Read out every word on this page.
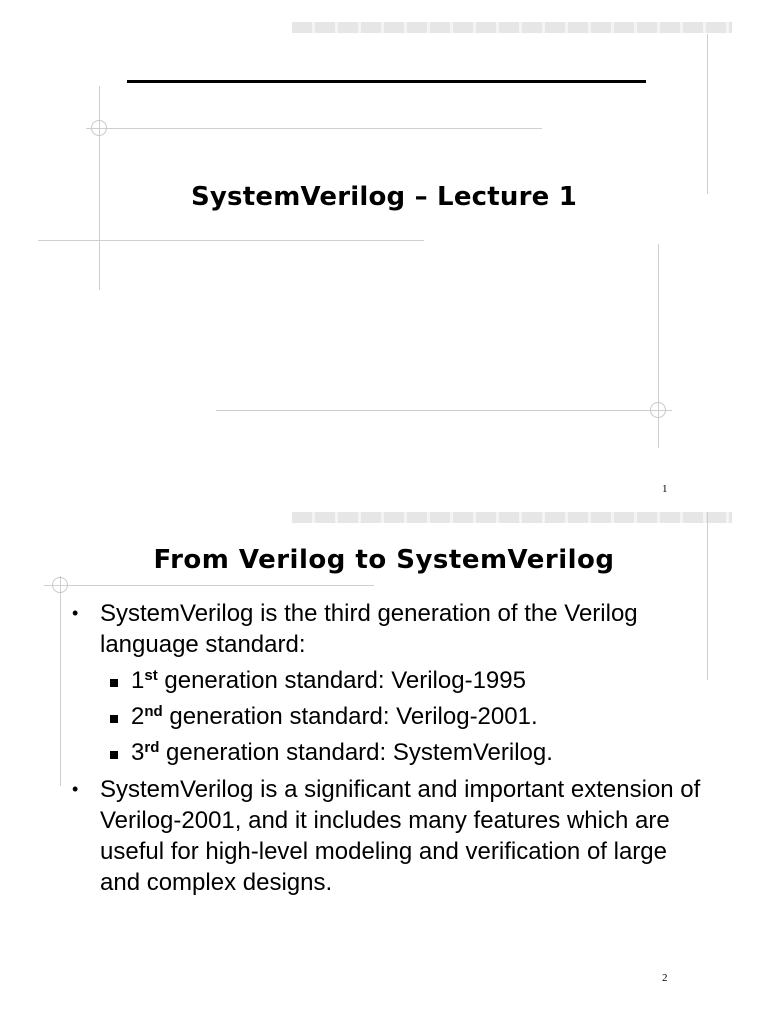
SystemVerilog – Lecture 1
1
From Verilog to SystemVerilog
• SystemVerilog is the third generation of the Verilog language standard:
1st generation standard: Verilog-1995
2nd generation standard: Verilog-2001.
3rd generation standard: SystemVerilog.
• SystemVerilog is a significant and important extension of Verilog-2001, and it includes many features which are useful for high-level modeling and verification of large and complex designs.
2
